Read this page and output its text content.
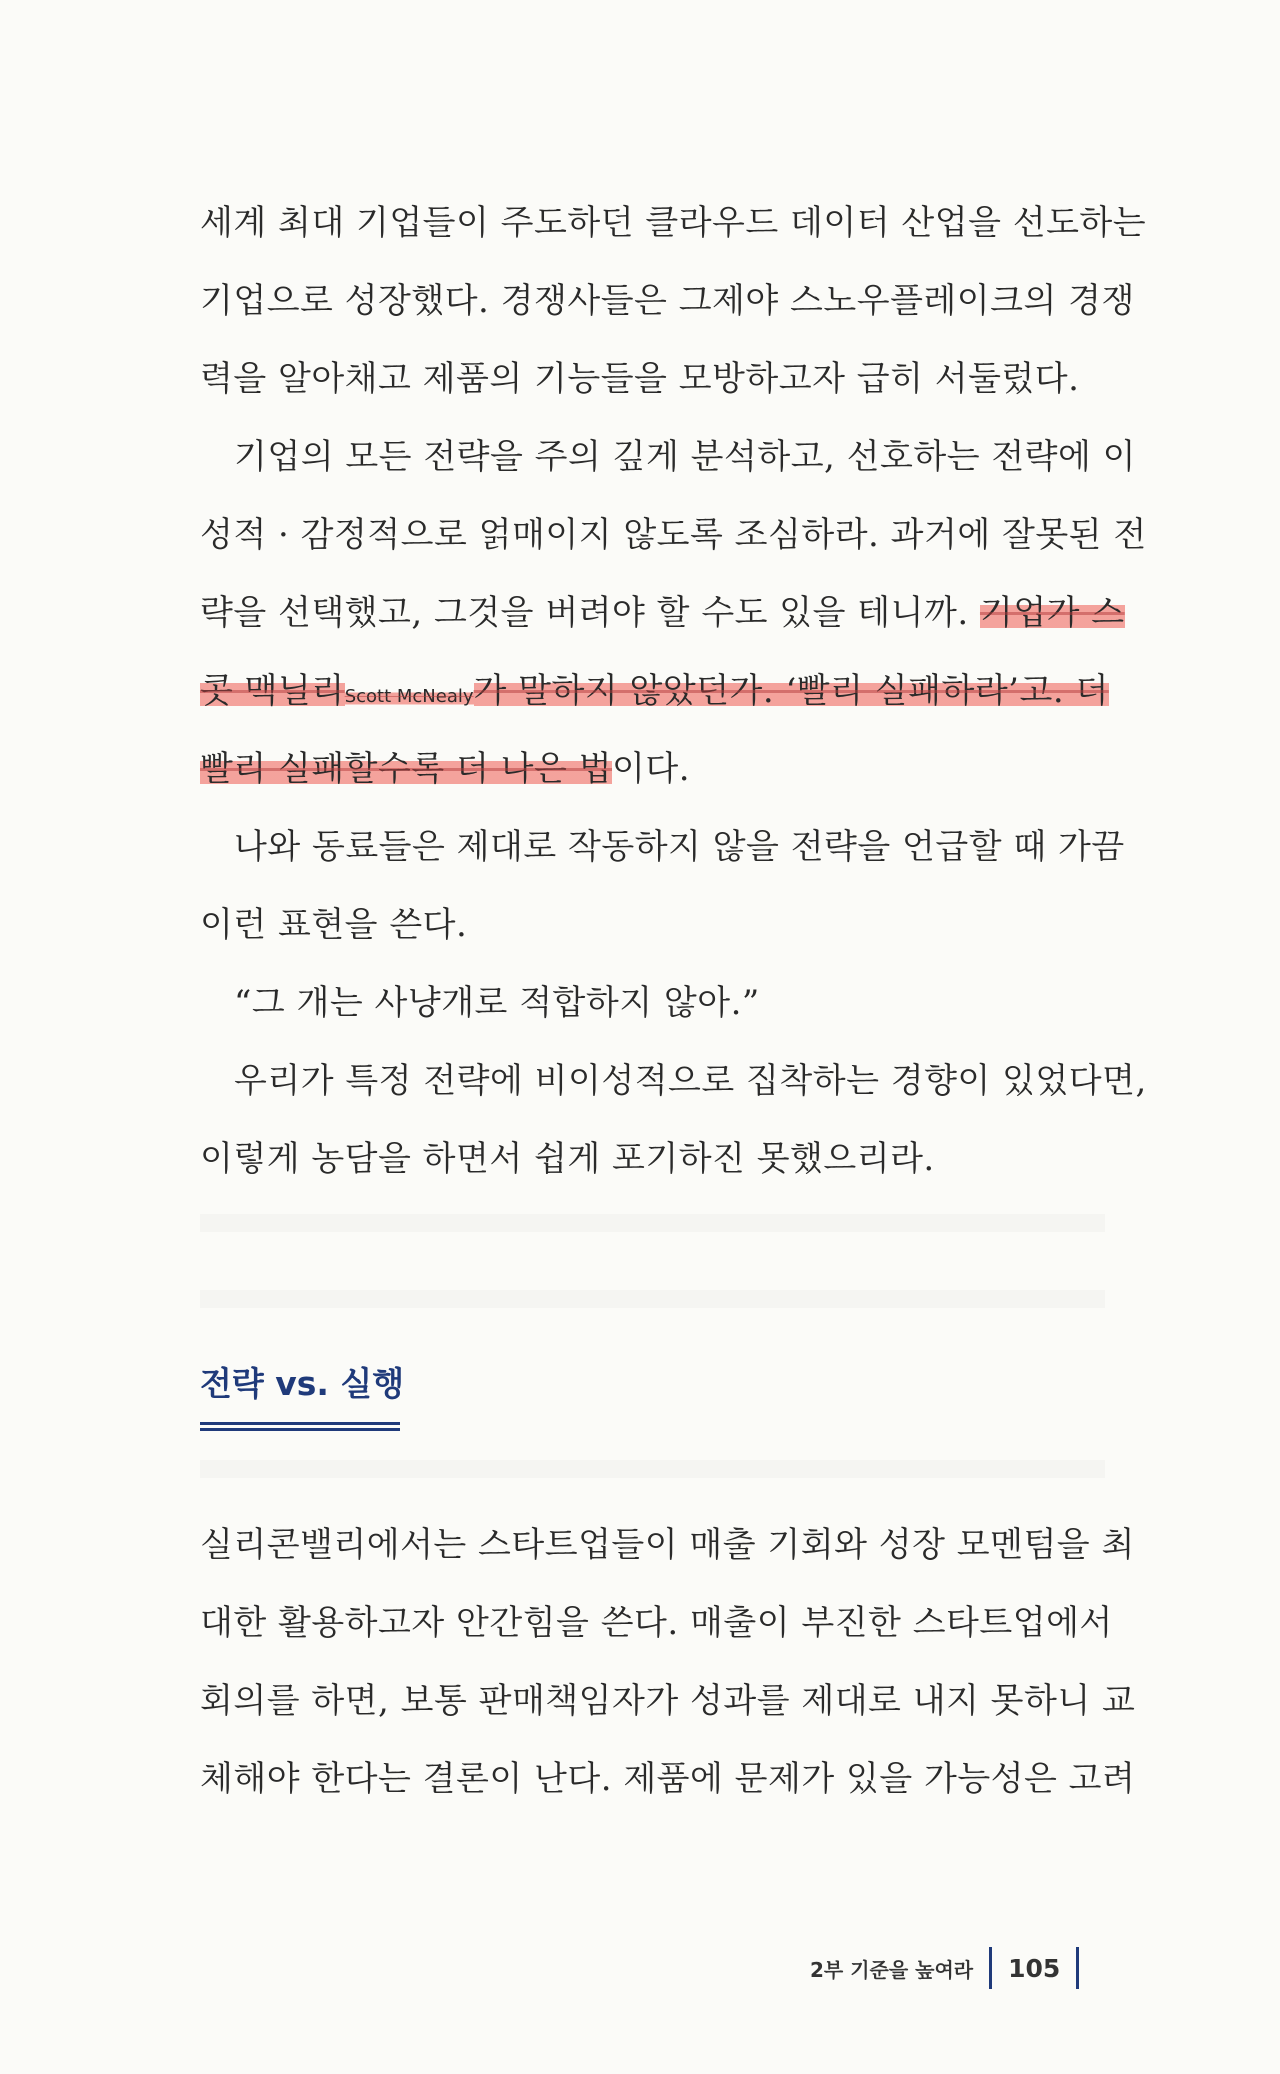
세계 최대 기업들이 주도하던 클라우드 데이터 산업을 선도하는
기업으로 성장했다. 경쟁사들은 그제야 스노우플레이크의 경쟁
력을 알아채고 제품의 기능들을 모방하고자 급히 서둘렀다.
기업의 모든 전략을 주의 깊게 분석하고, 선호하는 전략에 이
성적 · 감정적으로 얽매이지 않도록 조심하라. 과거에 잘못된 전
략을 선택했고, 그것을 버려야 할 수도 있을 테니까. 기업가 스
콧 맥닐리Scott McNealy가 말하지 않았던가. ‘빨리 실패하라’고. 더
빨리 실패할수록 더 나은 법이다.
나와 동료들은 제대로 작동하지 않을 전략을 언급할 때 가끔
이런 표현을 쓴다.
“그 개는 사냥개로 적합하지 않아.”
우리가 특정 전략에 비이성적으로 집착하는 경향이 있었다면,
이렇게 농담을 하면서 쉽게 포기하진 못했으리라.
전략 vs. 실행
실리콘밸리에서는 스타트업들이 매출 기회와 성장 모멘텀을 최
대한 활용하고자 안간힘을 쓴다. 매출이 부진한 스타트업에서
회의를 하면, 보통 판매책임자가 성과를 제대로 내지 못하니 교
체해야 한다는 결론이 난다. 제품에 문제가 있을 가능성은 고려
2부 기준을 높여라 105
